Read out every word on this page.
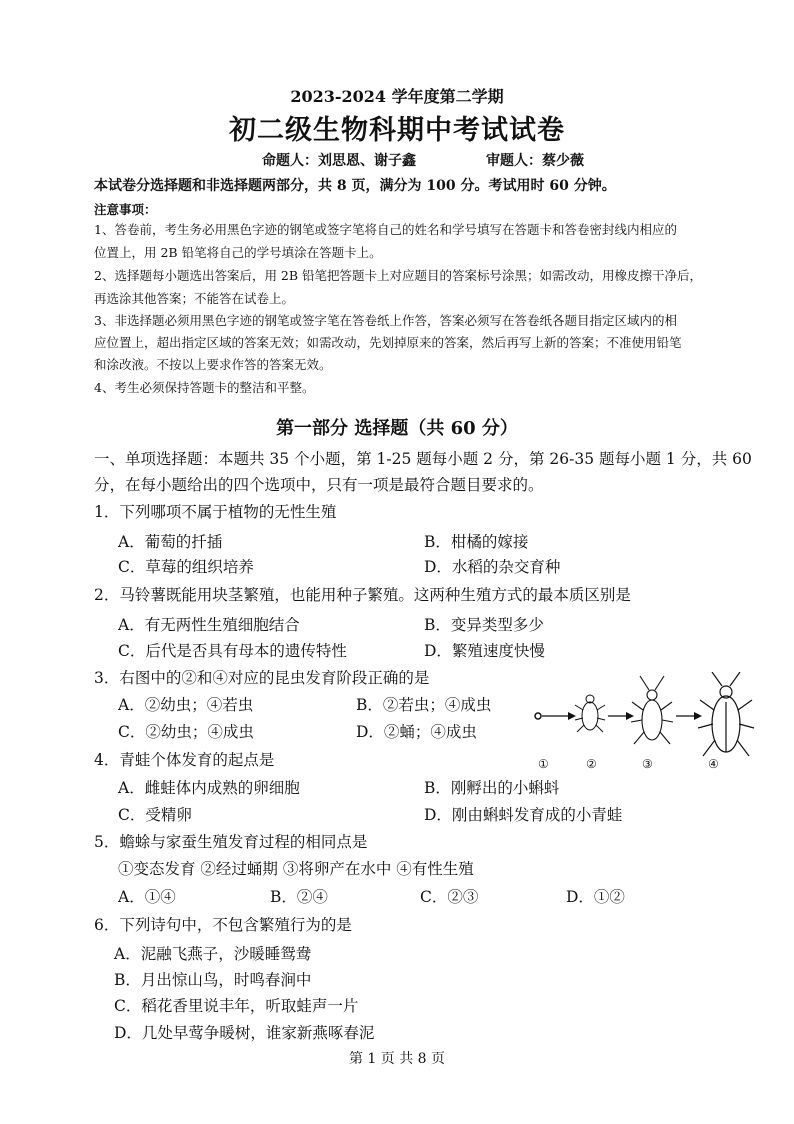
2023-2024 学年度第二学期
初二级生物科期中考试试卷
命题人：刘思恩、谢子鑫	审题人：蔡少薇
本试卷分选择题和非选择题两部分，共 8 页，满分为 100 分。考试用时 60 分钟。
注意事项：
1、答卷前，考生务必用黑色字迹的钢笔或签字笔将自己的姓名和学号填写在答题卡和答卷密封线内相应的
位置上，用 2B 铅笔将自己的学号填涂在答题卡上。
2、选择题每小题选出答案后，用 2B 铅笔把答题卡上对应题目的答案标号涂黑；如需改动，用橡皮擦干净后，
再选涂其他答案；不能答在试卷上。
3、非选择题必须用黑色字迹的钢笔或签字笔在答卷纸上作答，答案必须写在答卷纸各题目指定区域内的相
应位置上，超出指定区域的答案无效；如需改动，先划掉原来的答案，然后再写上新的答案；不准使用铅笔
和涂改液。不按以上要求作答的答案无效。
4、考生必须保持答题卡的整洁和平整。
第一部分 选择题（共 60 分）
一、单项选择题：本题共 35 个小题，第 1-25 题每小题 2 分，第 26-35 题每小题 1 分，共 60
分，在每小题给出的四个选项中，只有一项是最符合题目要求的。
1．下列哪项不属于植物的无性生殖
A．葡萄的扦插	B．柑橘的嫁接
C．草莓的组织培养	D．水稻的杂交育种
2．马铃薯既能用块茎繁殖，也能用种子繁殖。这两种生殖方式的最本质区别是
A．有无两性生殖细胞结合	B．变异类型多少
C．后代是否具有母本的遗传特性	D．繁殖速度快慢
3．右图中的②和④对应的昆虫发育阶段正确的是
A．②幼虫；④若虫	B．②若虫；④成虫
C．②幼虫；④成虫	D．②蛹；④成虫
①	②	③	④
4．青蛙个体发育的起点是
A．雌蛙体内成熟的卵细胞	B．刚孵出的小蝌蚪
C．受精卵	D．刚由蝌蚪发育成的小青蛙
5．蟾蜍与家蚕生殖发育过程的相同点是
①变态发育 ②经过蛹期 ③将卵产在水中 ④有性生殖
A．①④	B．②④	C．②③	D．①②
6．下列诗句中，不包含繁殖行为的是
A．泥融飞燕子，沙暖睡鸳鸯
B．月出惊山鸟，时鸣春涧中
C．稻花香里说丰年，听取蛙声一片
D．几处早莺争暖树，谁家新燕啄春泥
第 1 页 共 8 页
